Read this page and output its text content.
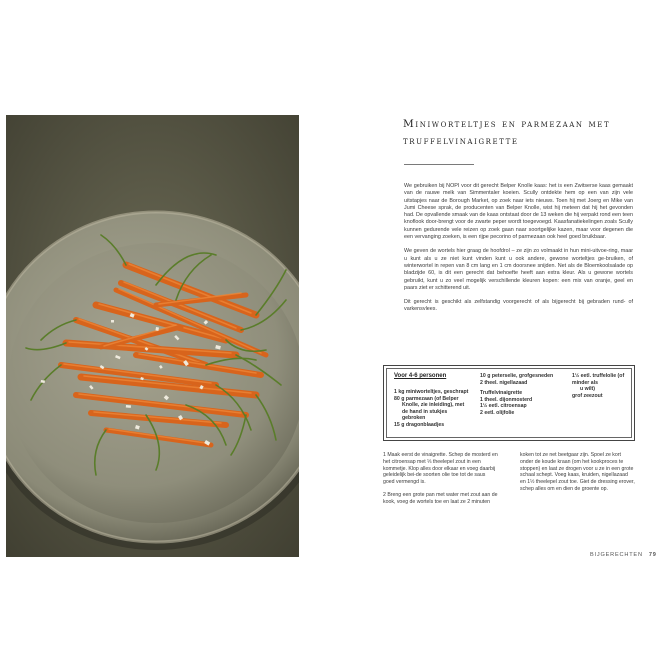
Miniworteltjes en parmezaan met truffelvinaigrette

We gebruiken bij NOPI voor dit gerecht Belper Knolle kaas: het is een Zwitserse kaas gemaakt van de rauwe melk van Simmentaler koeien. Scully ontdekte hem op een van zijn vele uitstapjes naar de Borough Market, op zoek naar iets nieuws. Toen hij met Joerg en Mike van Jumi Cheese sprak, de producenten van Belper Knolle, wist hij meteen dat hij het gevonden had. De opvallende smaak van de kaas ontstaat door de 13 weken die hij verpakt rond een teen knoflook door-brengt voor de zwarte peper wordt toegevoegd. Kaasfanatiekelingen zoals Scully kunnen gedurende vele reizen op zoek gaan naar soortgelijke kazen, maar voor degenen die een vervanging zoeken, is een rijpe pecorino of parmezaan ook heel goed bruikbaar.

We geven de wortels hier graag de hoofdrol – ze zijn zo volmaakt in hun mini-uitvoe-ring, maar u kunt als u ze niet kunt vinden kunt u ook andere, gewone worteltjes ge-bruiken, of winterwortel in repen van 8 cm lang en 1 cm doorsnee snijden. Net als de Bloemkoolsalade op bladzijde 60, is dit een gerecht dat behoefte heeft aan extra kleur. Als u gewone wortels gebruikt, kunt u zo veel mogelijk verschillende kleuren kopen: een mix van oranje, geel en paars ziet er schitterend uit.

Dit gerecht is geschikt als zelfstandig voorgerecht of als bijgerecht bij gebraden rund- of varkensvlees.

Voor 4-6 personen

1 kg miniworteltjes, geschrapt
80 g parmezaan (of Belper
Knolle, zie inleiding), met
de hand in stukjes gebroken
15 g dragonblaadjes
10 g peterselie, grofgesneden
2 theel. nigellazaad
Truffelvinaigrette
1 theel. dijonmosterd
1½ eetl. citroensap
2 eetl. olijfolie
1½ eetl. truffelolie (of minder als
u wilt)
grof zeezout

1 Maak eerst de vinaigrette. Schep de mosterd en het citroensap met ⅓ theelepel zout in een kommetje. Klop alles door elkaar en voeg daarbij geleidelijk bei-de soorten olie toe tot de saus goed vermengd is.

2 Breng een grote pan met water met zout aan de kook, voeg de wortels toe en laat ze 2 minuten

koken tot ze net beetgaar zijn. Spoel ze kort onder de koude kraan (om het kookproces te stoppen) en laat ze drogen voor u ze in een grote schaal schept. Voeg kaas, kruiden, nigellazaad en 1½ theelepel zout toe. Giet de dressing erover, schep alles om en dien de groente op.

BIJGERECHTEN 79
